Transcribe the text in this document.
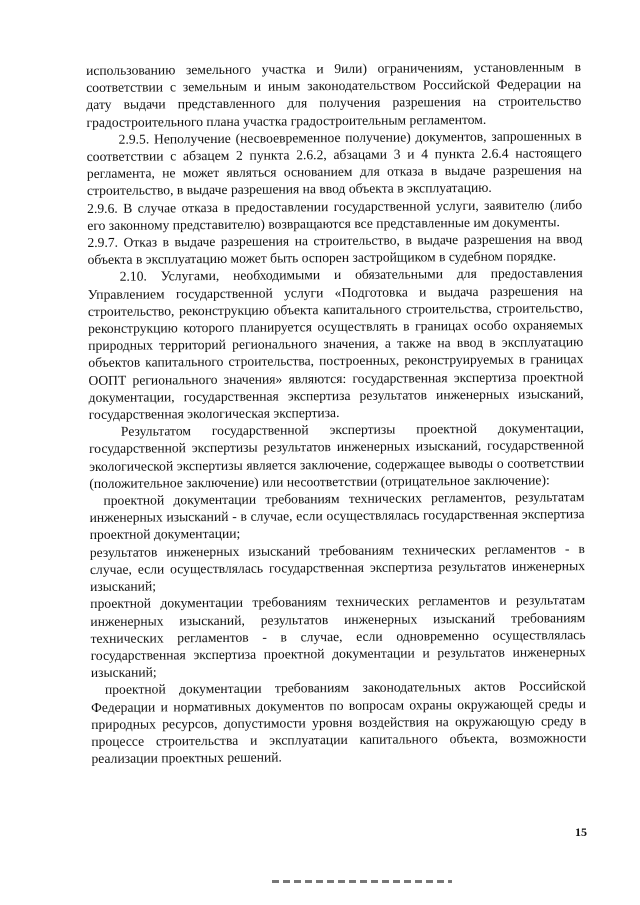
использованию земельного участка и 9или) ограничениям, установленным в соответствии с земельным и иным законодательством Российской Федерации на дату выдачи представленного для получения разрешения на строительство градостроительного плана участка градостроительным регламентом.

2.9.5. Неполучение (несвоевременное получение) документов, запрошенных в соответствии с абзацем 2 пункта 2.6.2, абзацами 3 и 4 пункта 2.6.4 настоящего регламента, не может являться основанием для отказа в выдаче разрешения на строительство, в выдаче разрешения на ввод объекта в эксплуатацию.

2.9.6. В случае отказа в предоставлении государственной услуги, заявителю (либо его законному представителю) возвращаются все представленные им документы.

2.9.7. Отказ в выдаче разрешения на строительство, в выдаче разрешения на ввод объекта в эксплуатацию может быть оспорен застройщиком в судебном порядке.

2.10. Услугами, необходимыми и обязательными для предоставления Управлением государственной услуги «Подготовка и выдача разрешения на строительство, реконструкцию объекта капитального строительства, строительство, реконструкцию которого планируется осуществлять в границах особо охраняемых природных территорий регионального значения, а также на ввод в эксплуатацию объектов капитального строительства, построенных, реконструируемых в границах ООПТ регионального значения» являются: государственная экспертиза проектной документации, государственная экспертиза результатов инженерных изысканий, государственная экологическая экспертиза.

Результатом государственной экспертизы проектной документации, государственной экспертизы результатов инженерных изысканий, государственной экологической экспертизы является заключение, содержащее выводы о соответствии (положительное заключение) или несоответствии (отрицательное заключение):

проектной документации требованиям технических регламентов, результатам инженерных изысканий - в случае, если осуществлялась государственная экспертиза проектной документации;

результатов инженерных изысканий требованиям технических регламентов - в случае, если осуществлялась государственная экспертиза результатов инженерных изысканий;

проектной документации требованиям технических регламентов и результатам инженерных изысканий, результатов инженерных изысканий требованиям технических регламентов - в случае, если одновременно осуществлялась государственная экспертиза проектной документации и результатов инженерных изысканий;

проектной документации требованиям законодательных актов Российской Федерации и нормативных документов по вопросам охраны окружающей среды и природных ресурсов, допустимости уровня воздействия на окружающую среду в процессе строительства и эксплуатации капитального объекта, возможности реализации проектных решений.

15
